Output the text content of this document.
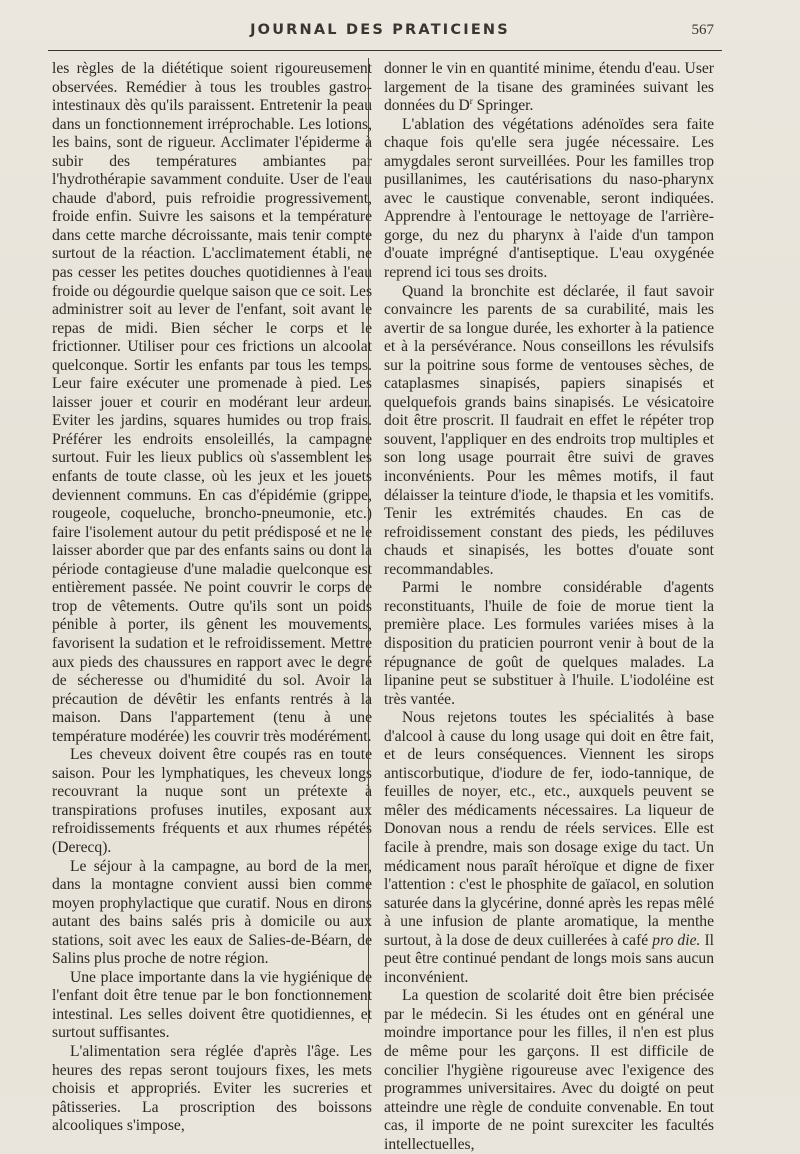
JOURNAL DES PRATICIENS	567

les règles de la diététique soient rigoureusement observées. Remédier à tous les troubles gastro-intestinaux dès qu'ils paraissent. Entretenir la peau dans un fonctionnement irréprochable. Les lotions, les bains, sont de rigueur. Acclimater l'épiderme à subir des températures ambiantes par l'hydrothérapie savamment conduite. User de l'eau chaude d'abord, puis refroidie progressivement, froide enfin. Suivre les saisons et la température dans cette marche décroissante, mais tenir compte surtout de la réaction. L'acclimatement établi, ne pas cesser les petites douches quotidiennes à l'eau froide ou dégourdie quelque saison que ce soit. Les administrer soit au lever de l'enfant, soit avant le repas de midi. Bien sécher le corps et le frictionner. Utiliser pour ces frictions un alcoolat quelconque. Sortir les enfants par tous les temps. Leur faire exécuter une promenade à pied. Les laisser jouer et courir en modérant leur ardeur. Eviter les jardins, squares humides ou trop frais. Préférer les endroits ensoleillés, la campagne surtout. Fuir les lieux publics où s'assemblent les enfants de toute classe, où les jeux et les jouets deviennent communs. En cas d'épidémie (grippe, rougeole, coqueluche, broncho-pneumonie, etc.) faire l'isolement autour du petit prédisposé et ne le laisser aborder que par des enfants sains ou dont la période contagieuse d'une maladie quelconque est entièrement passée. Ne point couvrir le corps de trop de vêtements. Outre qu'ils sont un poids pénible à porter, ils gênent les mouvements, favorisent la sudation et le refroidissement. Mettre aux pieds des chaussures en rapport avec le degré de sécheresse ou d'humidité du sol. Avoir la précaution de dévêtir les enfants rentrés à la maison. Dans l'appartement (tenu à une température modérée) les couvrir très modérément.

Les cheveux doivent être coupés ras en toute saison. Pour les lymphatiques, les cheveux longs recouvrant la nuque sont un prétexte à transpirations profuses inutiles, exposant aux refroidissements fréquents et aux rhumes répétés (Derecq).

Le séjour à la campagne, au bord de la mer, dans la montagne convient aussi bien comme moyen prophylactique que curatif. Nous en dirons autant des bains salés pris à domicile ou aux stations, soit avec les eaux de Salies-de-Béarn, de Salins plus proche de notre région.

Une place importante dans la vie hygiénique de l'enfant doit être tenue par le bon fonctionnement intestinal. Les selles doivent être quotidiennes, et surtout suffisantes.

L'alimentation sera réglée d'après l'âge. Les heures des repas seront toujours fixes, les mets choisis et appropriés. Eviter les sucreries et pâtisseries. La proscription des boissons alcooliques s'impose,

donner le vin en quantité minime, étendu d'eau. User largement de la tisane des graminées suivant les données du $D^r$ Springer.

L'ablation des végétations adénoïdes sera faite chaque fois qu'elle sera jugée nécessaire. Les amygdales seront surveillées. Pour les familles trop pusillanimes, les cautérisations du naso-pharynx avec le caustique convenable, seront indiquées. Apprendre à l'entourage le nettoyage de l'arrière-gorge, du nez du pharynx à l'aide d'un tampon d'ouate imprégné d'antiseptique. L'eau oxygénée reprend ici tous ses droits.

Quand la bronchite est déclarée, il faut savoir convaincre les parents de sa curabilité, mais les avertir de sa longue durée, les exhorter à la patience et à la persévérance. Nous conseillons les révulsifs sur la poitrine sous forme de ventouses sèches, de cataplasmes sinapisés, papiers sinapisés et quelquefois grands bains sinapisés. Le vésicatoire doit être proscrit. Il faudrait en effet le répéter trop souvent, l'appliquer en des endroits trop multiples et son long usage pourrait être suivi de graves inconvénients. Pour les mêmes motifs, il faut délaisser la teinture d'iode, le thapsia et les vomitifs. Tenir les extrémités chaudes. En cas de refroidissement constant des pieds, les pédiluves chauds et sinapisés, les bottes d'ouate sont recommandables.

Parmi le nombre considérable d'agents reconstituants, l'huile de foie de morue tient la première place. Les formules variées mises à la disposition du praticien pourront venir à bout de la répugnance de goût de quelques malades. La lipanine peut se substituer à l'huile. L'iodoléine est très vantée.

Nous rejetons toutes les spécialités à base d'alcool à cause du long usage qui doit en être fait, et de leurs conséquences. Viennent les sirops antiscorbutique, d'iodure de fer, iodo-tannique, de feuilles de noyer, etc., etc., auxquels peuvent se mêler des médicaments nécessaires. La liqueur de Donovan nous a rendu de réels services. Elle est facile à prendre, mais son dosage exige du tact. Un médicament nous paraît héroïque et digne de fixer l'attention : c'est le phosphite de gaïacol, en solution saturée dans la glycérine, donné après les repas mêlé à une infusion de plante aromatique, la menthe surtout, à la dose de deux cuillerées à café pro die. Il peut être continué pendant de longs mois sans aucun inconvénient.

La question de scolarité doit être bien précisée par le médecin. Si les études ont en général une moindre importance pour les filles, il n'en est plus de même pour les garçons. Il est difficile de concilier l'hygiène rigoureuse avec l'exigence des programmes universitaires. Avec du doigté on peut atteindre une règle de conduite convenable. En tout cas, il importe de ne point surexciter les facultés intellectuelles,
